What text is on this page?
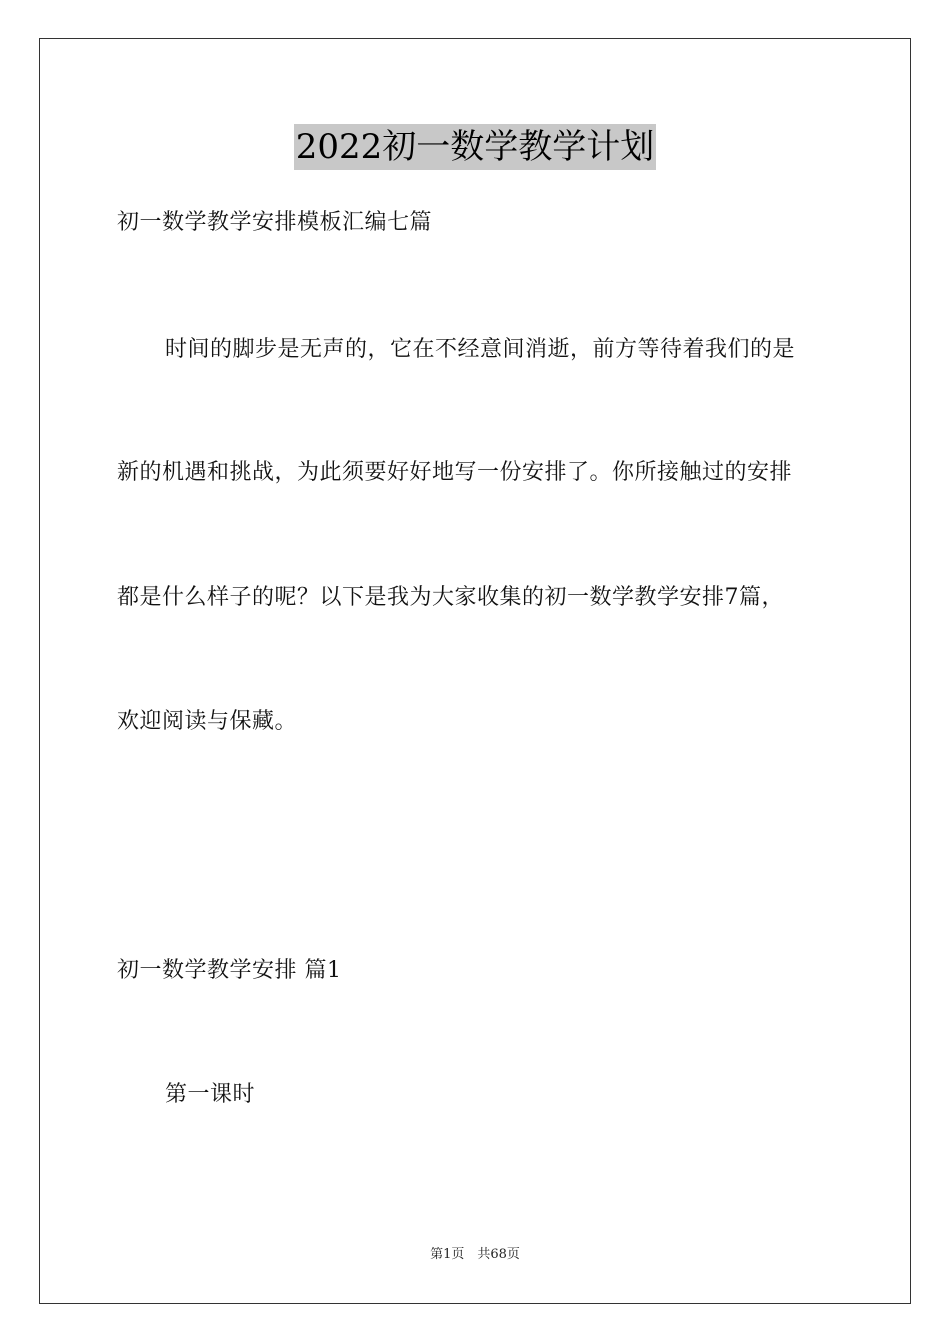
2022初一数学教学计划
初一数学教学安排模板汇编七篇
时间的脚步是无声的，它在不经意间消逝，前方等待着我们的是
新的机遇和挑战，为此须要好好地写一份安排了。你所接触过的安排
都是什么样子的呢？以下是我为大家收集的初一数学教学安排7篇，
欢迎阅读与保藏。
初一数学教学安排 篇1
第一课时
第1页　共68页
